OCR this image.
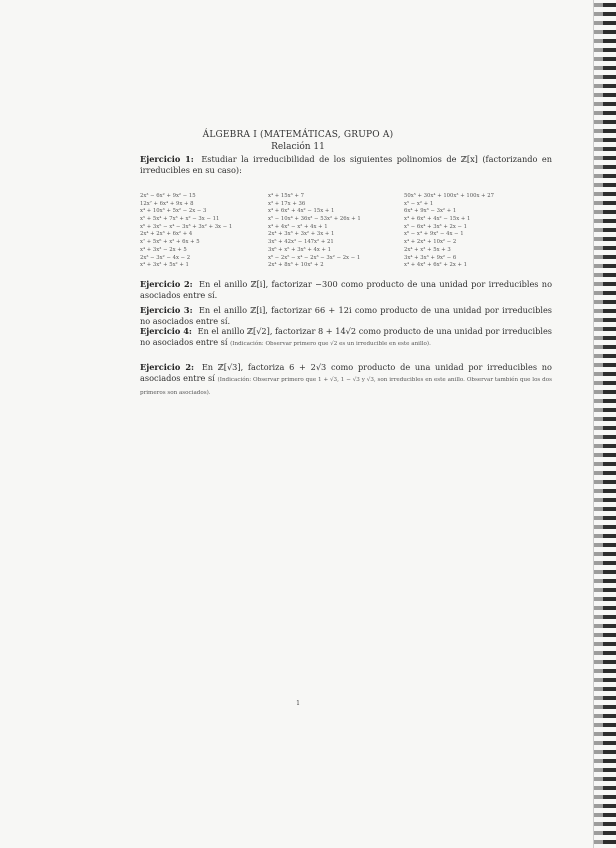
ÁLGEBRA I (MATEMÁTICAS, GRUPO A)
Relación 11
Ejercicio 1: Estudiar la irreducibilidad de los siguientes polinomios de ℤ[x] (factorizando en irreducibles en su caso):
2x³ − 6x² + 9x² − 15
12x⁷ + 6x⁴ + 9x + 8
x⁴ + 10x³ + 5x² − 2x − 3
x⁵ + 5x⁴ + 7x³ + x² − 3x − 11
x⁶ + 3x⁵ − x⁴ − 3x³ + 3x² + 3x − 1
2x⁴ + 2x³ + 6x² + 4
x⁷ + 5x⁶ + x² + 6x + 5
x⁴ + 3x³ − 2x + 5
2x³ − 3x² − 4x − 2
x⁴ + 3x³ + 5x² + 1
x⁴ + 15x³ + 7
x³ + 17x + 36
x⁴ + 6x³ + 4x² − 15x + 1
x⁵ − 10x⁴ + 36x³ − 53x² + 26x + 1
x⁴ + 4x³ − x² + 4x + 1
2x⁴ + 3x³ + 3x² + 3x + 1
3x⁵ + 42x³ − 147x² + 21
3x⁶ + x⁵ + 3x³ + 4x + 1
x⁶ − 2x⁵ − x⁴ − 2x³ − 3x² − 2x − 1
2x⁴ + 8x³ + 10x² + 2
50x⁵ + 30x⁴ + 100x³ + 100x + 27
x⁵ − x² + 1
6x⁴ + 9x³ − 3x² + 1
x⁴ + 6x³ + 4x² − 15x + 1
x⁵ − 6x⁴ + 3x³ + 2x − 1
x⁶ − x⁴ + 9x² − 4x − 1
x⁴ + 2x⁴ + 10x² − 2
2x⁴ + x³ + 5x + 3
3x⁴ + 3x³ + 9x² − 6
x⁴ + 4x³ + 6x² + 2x + 1
Ejercicio 2: En el anillo ℤ[i], factorizar −300 como producto de una unidad por irreducibles no asociados entre sí.
Ejercicio 3: En el anillo ℤ[i], factorizar 66 + 12i como producto de una unidad por irreducibles no asociados entre sí.
Ejercicio 4: En el anillo ℤ[√2], factorizar 8 + 14√2 como producto de una unidad por irreducibles no asociados entre sí (Indicación: Observar primero que √2 es un irreducible en este anillo).
Ejercicio 2: En ℤ[√3], factoriza 6 + 2√3 como producto de una unidad por irreducibles no asociados entre sí (Indicación: Observar primero que 1 + √3, 1 − √3 y √3, son irreducibles en este anillo. Observar también que los dos primeros son asociados).
1
